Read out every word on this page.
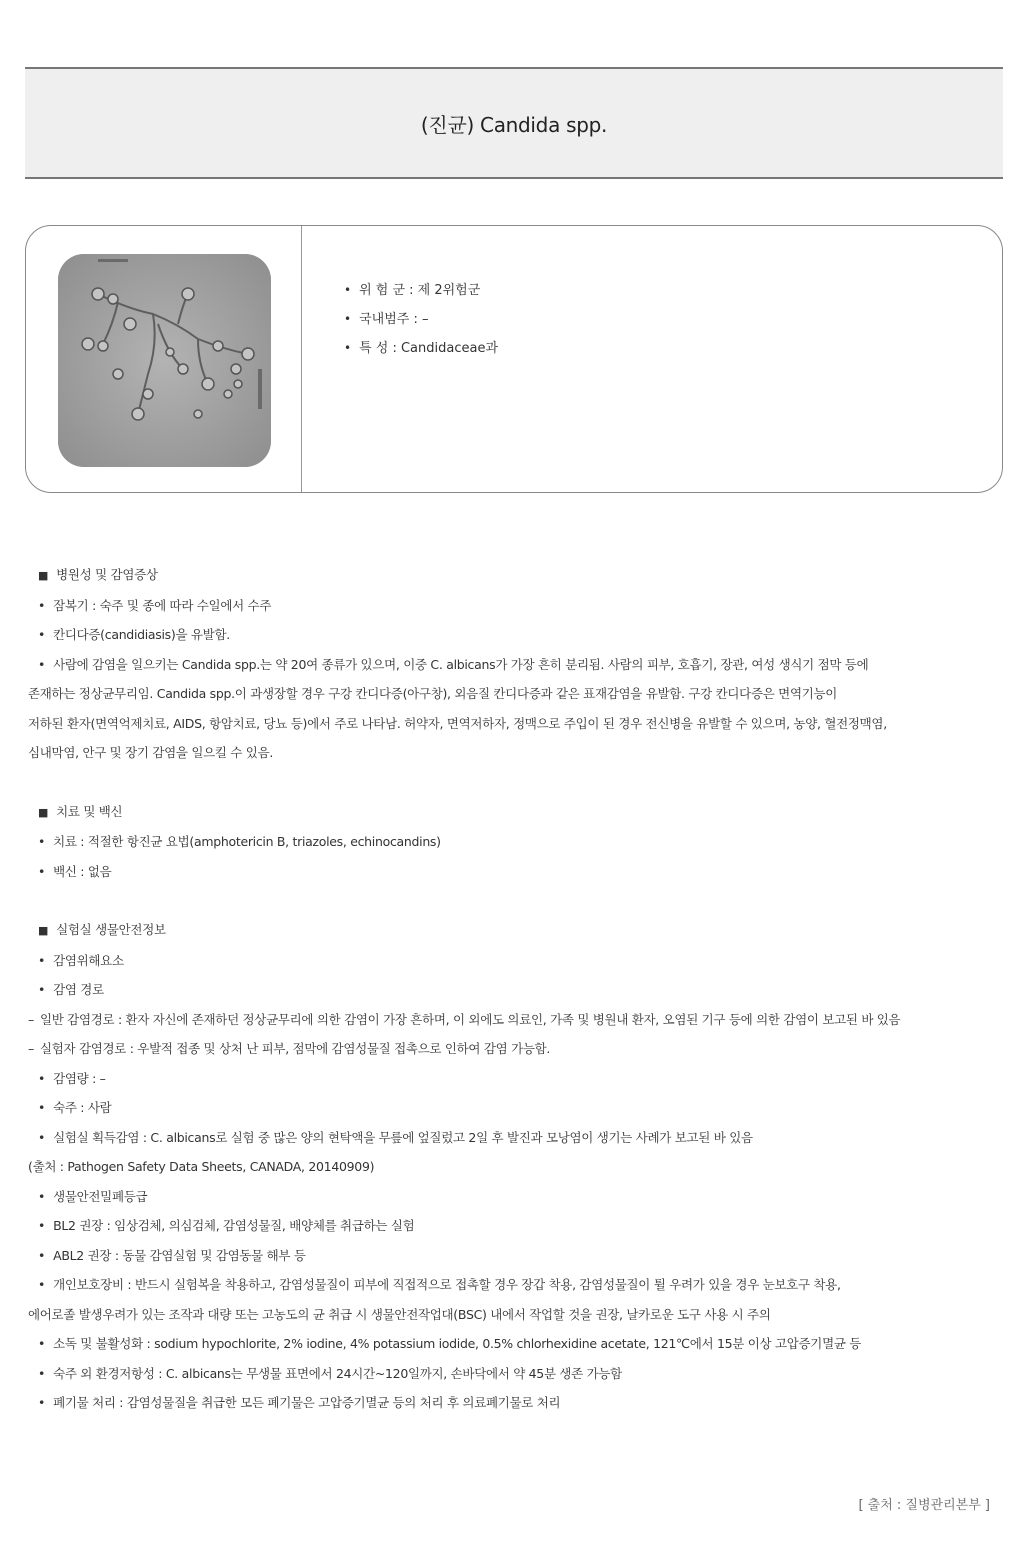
(진균) Candida spp.
• 위 험 군 : 제 2위험군
• 국내범주 : –
• 특 성 : Candidaceae과
■ 병원성 및 감염증상
• 잠복기 : 숙주 및 종에 따라 수일에서 수주
• 칸디다증(candidiasis)을 유발함.
• 사람에 감염을 일으키는 Candida spp.는 약 20여 종류가 있으며, 이중 C. albicans가 가장 흔히 분리됨. 사람의 피부, 호흡기, 장관, 여성 생식기 점막 등에
존재하는 정상균무리임. Candida spp.이 과생장할 경우 구강 칸디다증(아구창), 외음질 칸디다증과 같은 표재감염을 유발함. 구강 칸디다증은 면역기능이
저하된 환자(면역억제치료, AIDS, 항암치료, 당뇨 등)에서 주로 나타남. 허약자, 면역저하자, 정맥으로 주입이 된 경우 전신병을 유발할 수 있으며, 농양, 혈전정맥염,
심내막염, 안구 및 장기 감염을 일으킬 수 있음.
■ 치료 및 백신
• 치료 : 적절한 항진균 요법(amphotericin B, triazoles, echinocandins)
• 백신 : 없음
■ 실험실 생물안전정보
• 감염위해요소
• 감염 경로
– 일반 감염경로 : 환자 자신에 존재하던 정상균무리에 의한 감염이 가장 흔하며, 이 외에도 의료인, 가족 및 병원내 환자, 오염된 기구 등에 의한 감염이 보고된 바 있음
– 실험자 감염경로 : 우발적 접종 및 상처 난 피부, 점막에 감염성물질 접촉으로 인하여 감염 가능함.
• 감염량 : –
• 숙주 : 사람
• 실험실 획득감염 : C. albicans로 실험 중 많은 양의 현탁액을 무릎에 엎질렀고 2일 후 발진과 모낭염이 생기는 사례가 보고된 바 있음
(출처 : Pathogen Safety Data Sheets, CANADA, 20140909)
• 생물안전밀폐등급
• BL2 권장 : 임상검체, 의심검체, 감염성물질, 배양체를 취급하는 실험
• ABL2 권장 : 동물 감염실험 및 감염동물 해부 등
• 개인보호장비 : 반드시 실험복을 착용하고, 감염성물질이 피부에 직접적으로 접촉할 경우 장갑 착용, 감염성물질이 튈 우려가 있을 경우 눈보호구 착용,
에어로졸 발생우려가 있는 조작과 대량 또는 고농도의 균 취급 시 생물안전작업대(BSC) 내에서 작업할 것을 권장, 날카로운 도구 사용 시 주의
• 소독 및 불활성화 : sodium hypochlorite, 2% iodine, 4% potassium iodide, 0.5% chlorhexidine acetate, 121℃에서 15분 이상 고압증기멸균 등
• 숙주 외 환경저항성 : C. albicans는 무생물 표면에서 24시간~120일까지, 손바닥에서 약 45분 생존 가능함
• 폐기물 처리 : 감염성물질을 취급한 모든 폐기물은 고압증기멸균 등의 처리 후 의료폐기물로 처리
[ 출처 : 질병관리본부 ]
